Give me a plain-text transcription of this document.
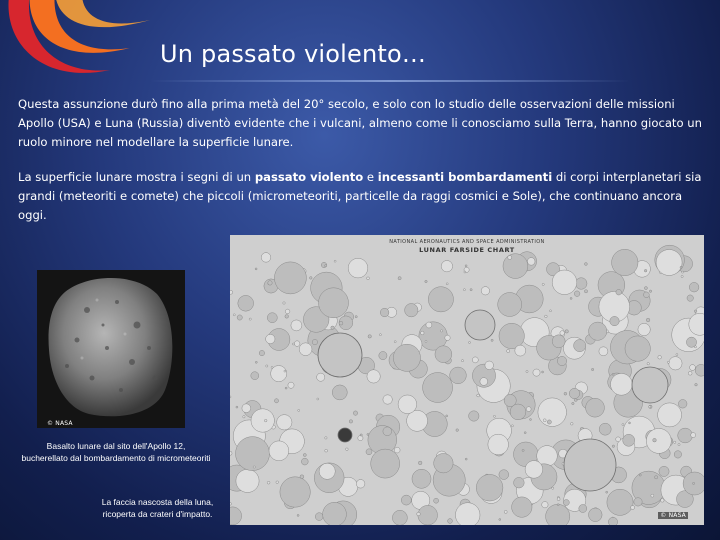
Un passato violento…
Questa assunzione durò fino alla prima metà del 20° secolo, e solo con lo studio delle osservazioni delle missioni Apollo (USA) e Luna (Russia) diventò evidente che i vulcani, almeno come li conosciamo sulla Terra, hanno giocato un ruolo minore nel modellare la superficie lunare.
La superficie lunare mostra i segni di un passato violento e incessanti bombardamenti di corpi interplanetari sia grandi (meteoriti e comete) che piccoli (micrometeoriti, particelle da raggi cosmici e Sole), che continuano ancora oggi.
© NASA
Basalto lunare dal sito dell'Apollo 12,
bucherellato dal bombardamento di micrometeoriti
NATIONAL AERONAUTICS AND SPACE ADMINISTRATION
LUNAR FARSIDE CHART
© NASA
La faccia nascosta della luna,
ricoperta da crateri d'impatto.
